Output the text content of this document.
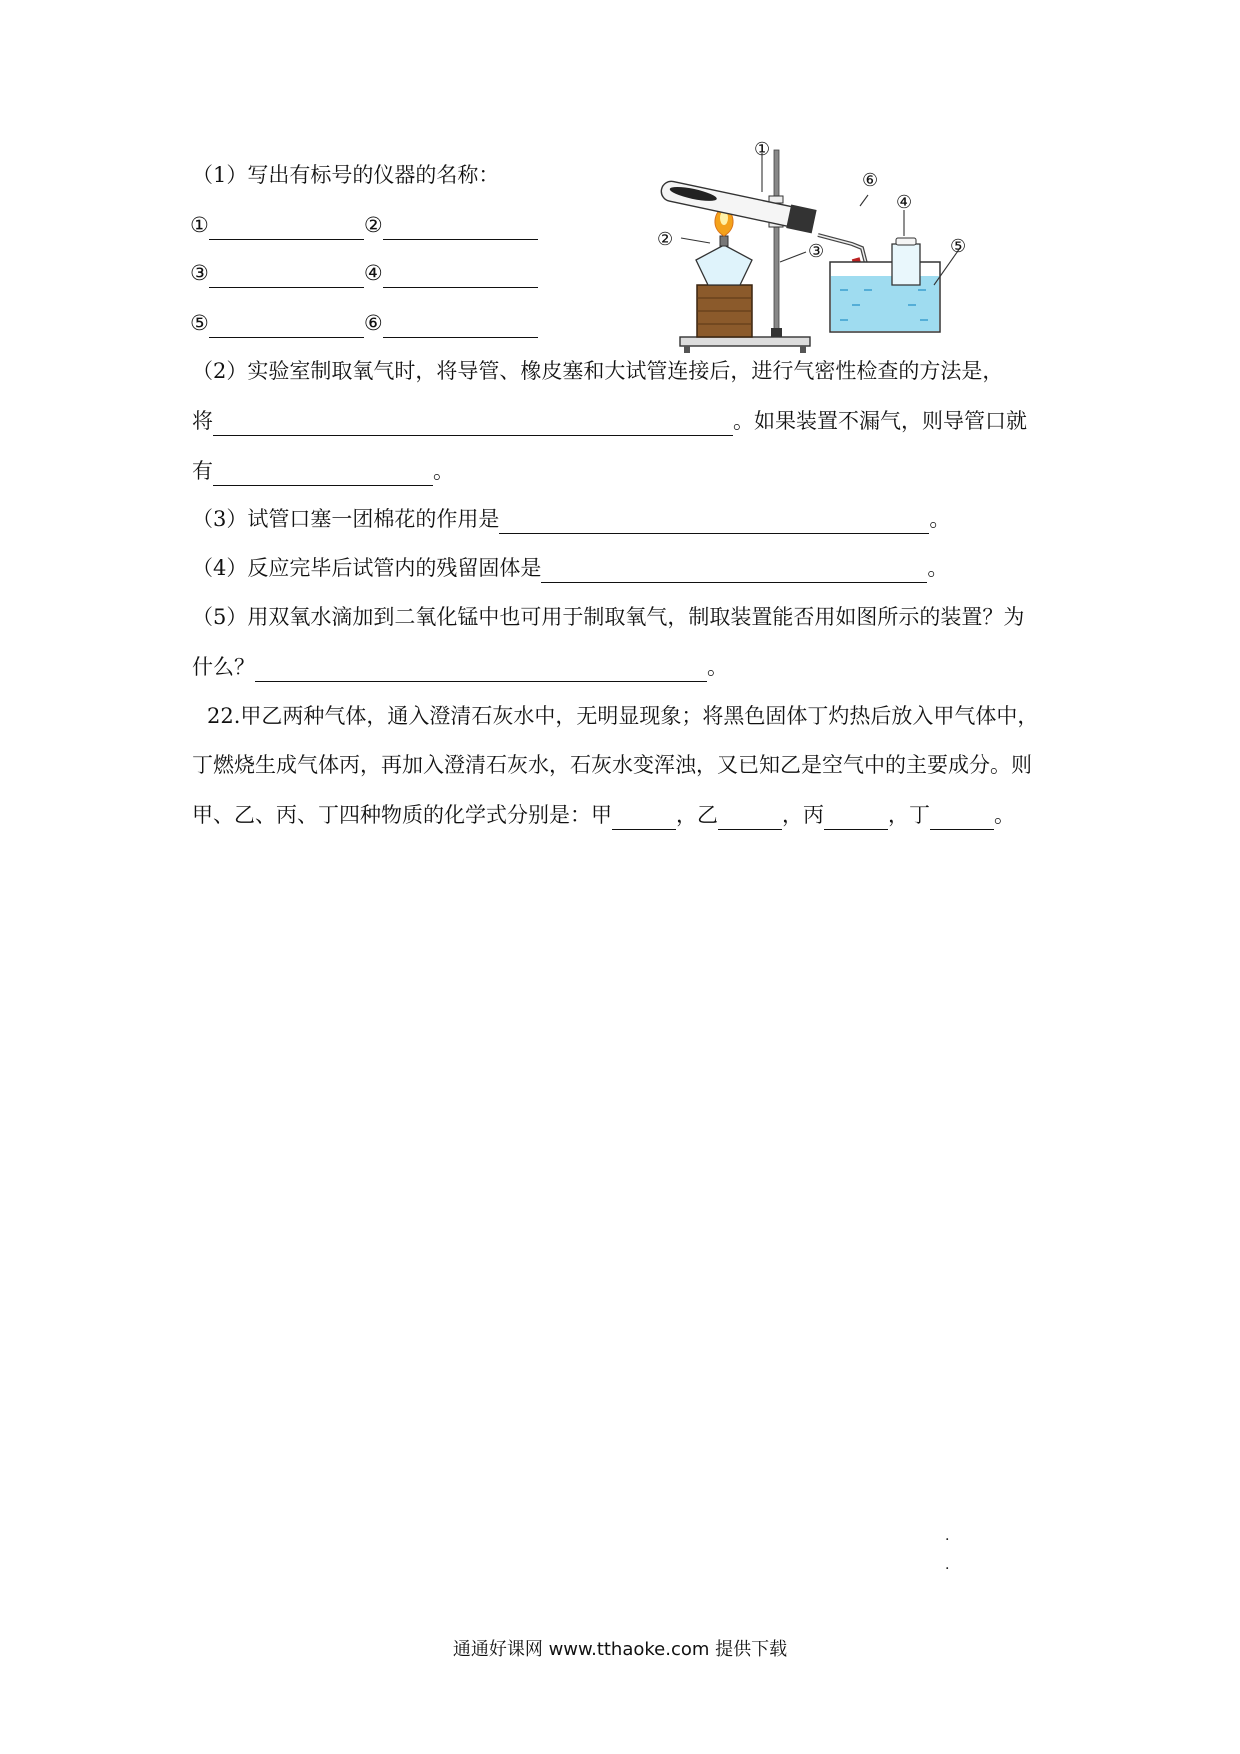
（1）写出有标号的仪器的名称：
①	②
③	④
⑤	⑥
①
②
③
④
⑤
⑥
（2）实验室制取氧气时，将导管、橡皮塞和大试管连接后，进行气密性检查的方法是，
将	。如果装置不漏气，则导管口就
有	。
（3）试管口塞一团棉花的作用是	。
（4）反应完毕后试管内的残留固体是	。
（5）用双氧水滴加到二氧化锰中也可用于制取氧气，制取装置能否用如图所示的装置？为
什么？	。
22.甲乙两种气体，通入澄清石灰水中，无明显现象；将黑色固体丁灼热后放入甲气体中，
丁燃烧生成气体丙，再加入澄清石灰水，石灰水变浑浊，又已知乙是空气中的主要成分。则
甲、乙、丙、丁四种物质的化学式分别是：甲	，乙	，丙	，丁	。
.
.
通通好课网 www.tthaoke.com 提供下载
